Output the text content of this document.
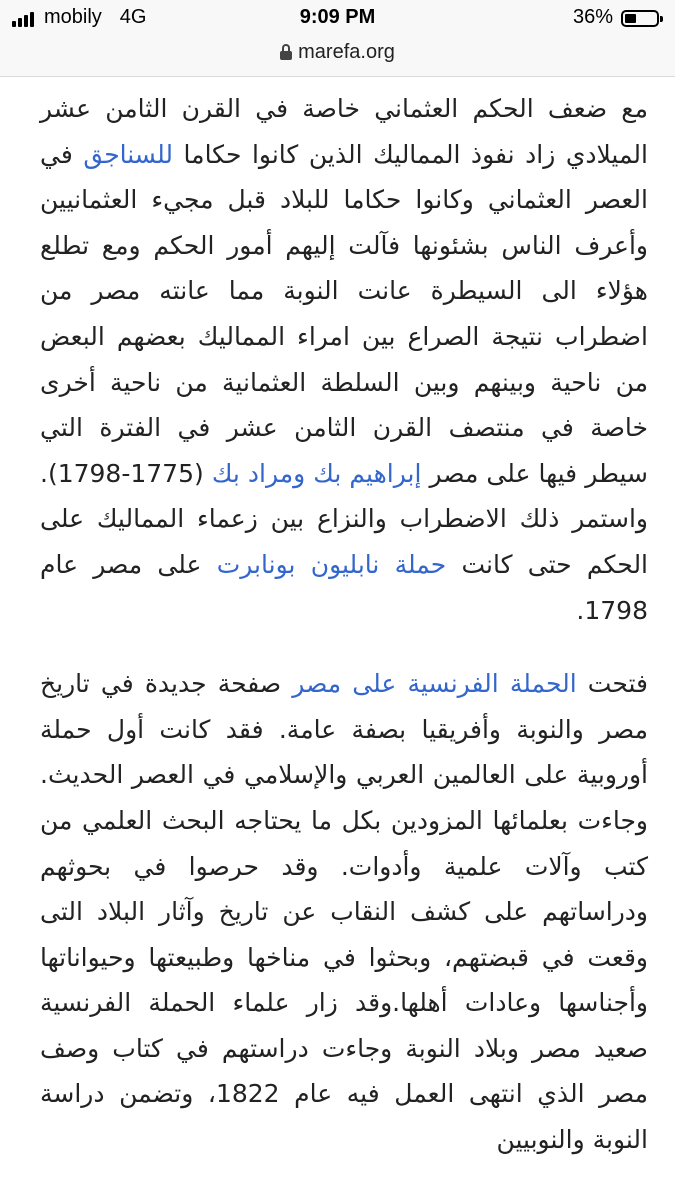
mobily 4G	9:09 PM	36%
marefa.org

مع ضعف الحكم العثماني خاصة في القرن الثامن عشر الميلادي زاد نفوذ المماليك الذين كانوا حكاما للسناجق في العصر العثماني وكانوا حكاما للبلاد قبل مجيء العثمانيين وأعرف الناس بشئونها فآلت إليهم أمور الحكم ومع تطلع هؤلاء الى السيطرة عانت النوبة مما عانته مصر من اضطراب نتيجة الصراع بين امراء المماليك بعضهم البعض من ناحية وبينهم وبين السلطة العثمانية من ناحية أخرى خاصة في منتصف القرن الثامن عشر في الفترة التي سيطر فيها على مصر إبراهيم بك ومراد بك (1775-1798). واستمر ذلك الاضطراب والنزاع بين زعماء المماليك على الحكم حتى كانت حملة نابليون بونابرت على مصر عام 1798.

فتحت الحملة الفرنسية على مصر صفحة جديدة في تاريخ مصر والنوبة وأفريقيا بصفة عامة. فقد كانت أول حملة أوروبية على العالمين العربي والإسلامي في العصر الحديث. وجاءت بعلمائها المزودين بكل ما يحتاجه البحث العلمي من كتب وآلات علمية وأدوات. وقد حرصوا في بحوثهم ودراساتهم على كشف النقاب عن تاريخ وآثار البلاد التى وقعت في قبضتهم، وبحثوا في مناخها وطبيعتها وحيواناتها وأجناسها وعادات أهلها.وقد زار علماء الحملة الفرنسية صعيد مصر وبلاد النوبة وجاءت دراستهم في كتاب وصف مصر الذي انتهى العمل فيه عام 1822، وتضمن دراسة النوبة والنوبيين
